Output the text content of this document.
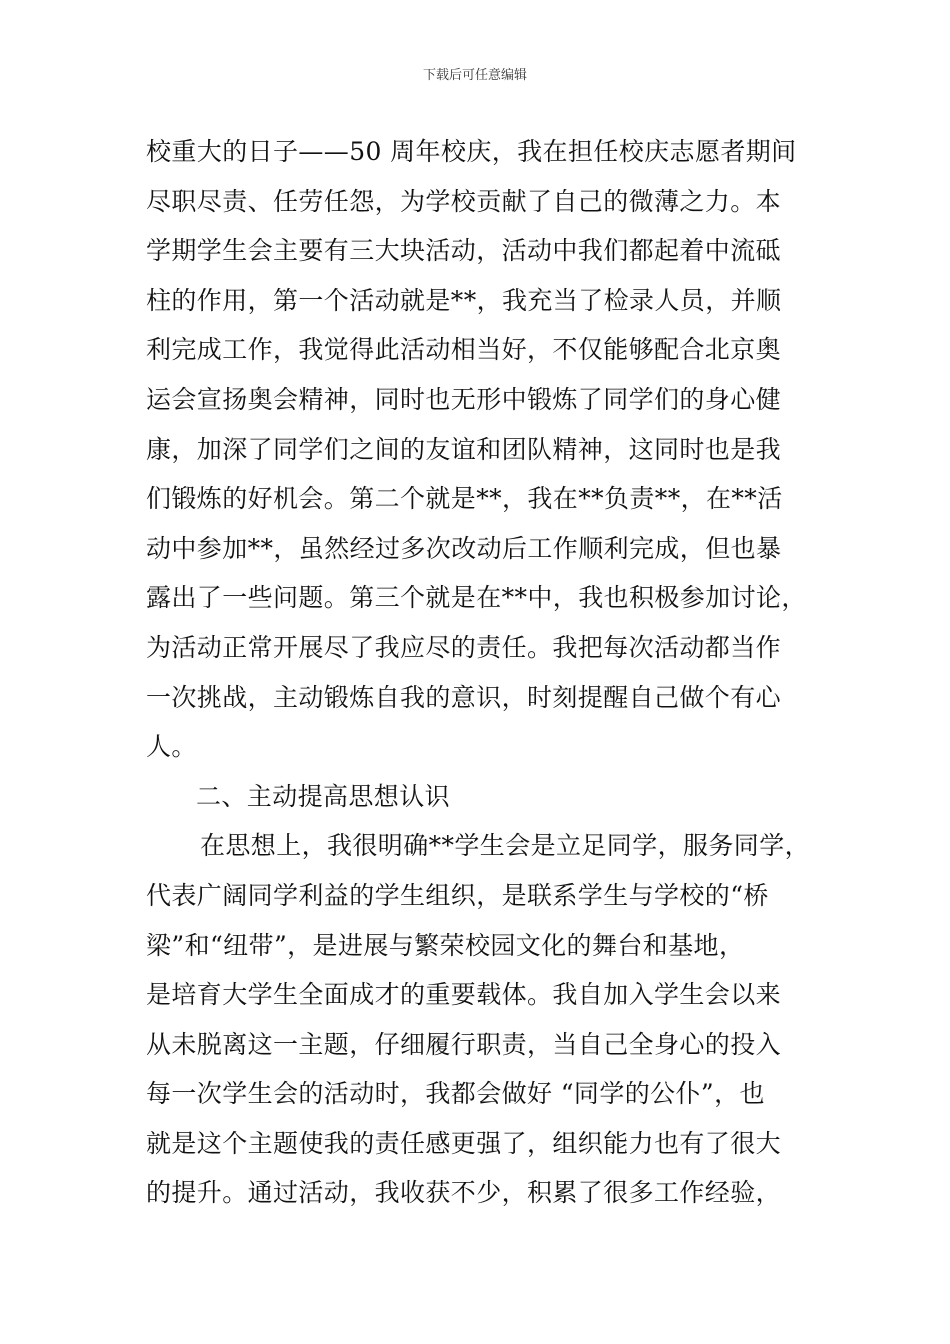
下载后可任意编辑
校重大的日子——50 周年校庆，我在担任校庆志愿者期间
尽职尽责、任劳任怨，为学校贡献了自己的微薄之力。本
学期学生会主要有三大块活动，活动中我们都起着中流砥
柱的作用，第一个活动就是**，我充当了检录人员，并顺
利完成工作，我觉得此活动相当好，不仅能够配合北京奥
运会宣扬奥会精神，同时也无形中锻炼了同学们的身心健
康，加深了同学们之间的友谊和团队精神，这同时也是我
们锻炼的好机会。第二个就是**，我在**负责**，在**活
动中参加**，虽然经过多次改动后工作顺利完成，但也暴
露出了一些问题。第三个就是在**中，我也积极参加讨论，
为活动正常开展尽了我应尽的责任。我把每次活动都当作
一次挑战，主动锻炼自我的意识，时刻提醒自己做个有心
人。
二、主动提高思想认识
在思想上，我很明确**学生会是立足同学，服务同学，
代表广阔同学利益的学生组织，是联系学生与学校的“桥
梁”和“纽带”，是进展与繁荣校园文化的舞台和基地，
是培育大学生全面成才的重要载体。我自加入学生会以来
从未脱离这一主题，仔细履行职责，当自己全身心的投入
每一次学生会的活动时，我都会做好 “同学的公仆”，也
就是这个主题使我的责任感更强了，组织能力也有了很大
的提升。通过活动，我收获不少，积累了很多工作经验，
